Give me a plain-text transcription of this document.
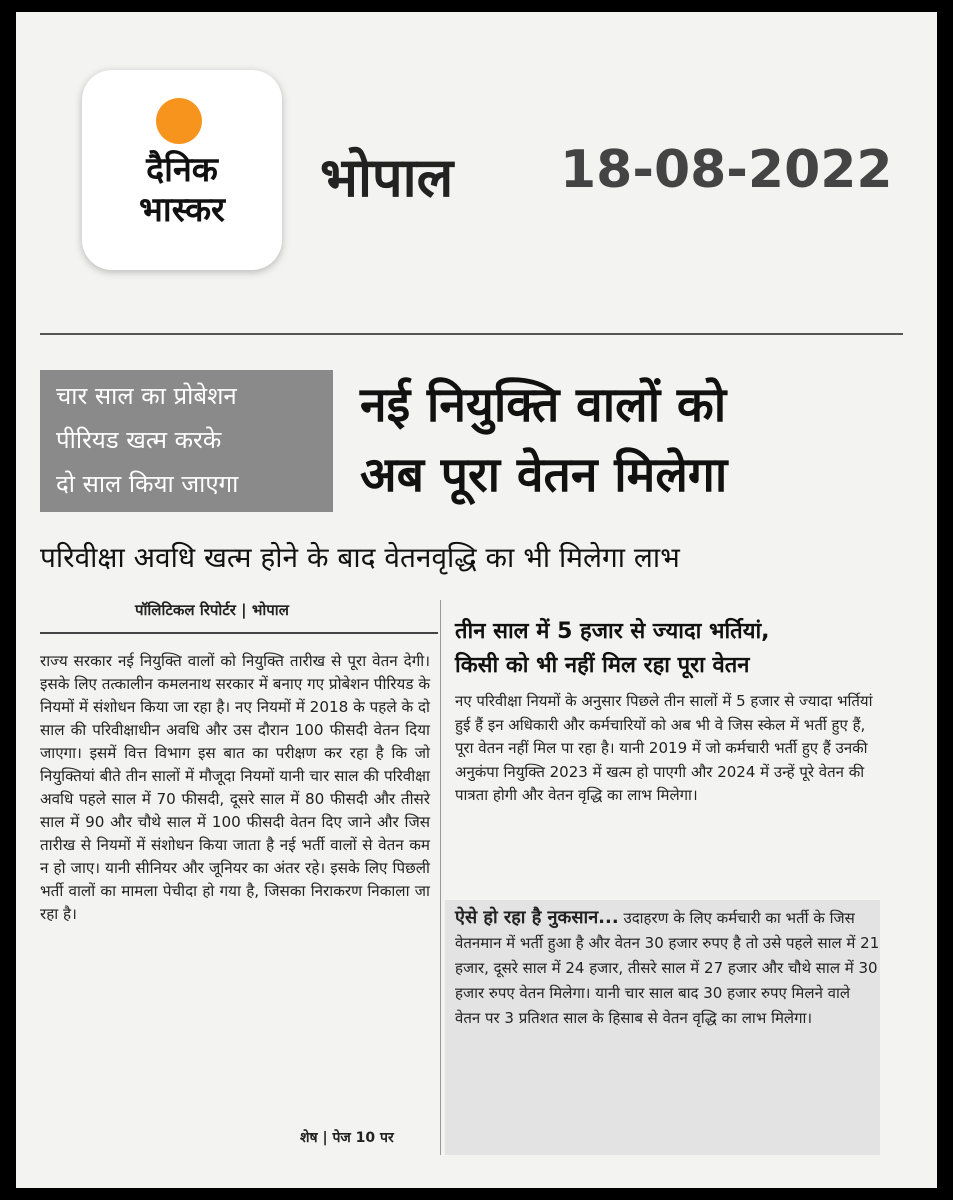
दैनिक
भास्कर
भोपाल 18-08-2022
चार साल का प्रोबेशन
पीरियड खत्म करके
दो साल किया जाएगा
नई नियुक्ति वालों को
अब पूरा वेतन मिलेगा
परिवीक्षा अवधि खत्म होने के बाद वेतनवृद्धि का भी मिलेगा लाभ
पॉलिटिकल रिपोर्टर | भोपाल
राज्य सरकार नई नियुक्ति वालों को नियुक्ति तारीख से पूरा वेतन देगी। इसके लिए तत्कालीन कमलनाथ सरकार में बनाए गए प्रोबेशन पीरियड के नियमों में संशोधन किया जा रहा है। नए नियमों में 2018 के पहले के दो साल की परिवीक्षाधीन अवधि और उस दौरान 100 फीसदी वेतन दिया जाएगा। इसमें वित्त विभाग इस बात का परीक्षण कर रहा है कि जो नियुक्तियां बीते तीन सालों में मौजूदा नियमों यानी चार साल की परिवीक्षा अवधि पहले साल में 70 फीसदी, दूसरे साल में 80 फीसदी और तीसरे साल में 90 और चौथे साल में 100 फीसदी वेतन दिए जाने और जिस तारीख से नियमों में संशोधन किया जाता है नई भर्ती वालों से वेतन कम न हो जाए। यानी सीनियर और जूनियर का अंतर रहे। इसके लिए पिछली भर्ती वालों का मामला पेचीदा हो गया है, जिसका निराकरण निकाला जा रहा है।
शेष | पेज 10 पर
तीन साल में 5 हजार से ज्यादा भर्तियां,
किसी को भी नहीं मिल रहा पूरा वेतन
नए परिवीक्षा नियमों के अनुसार पिछले तीन सालों में 5 हजार से ज्यादा भर्तियां हुई हैं इन अधिकारी और कर्मचारियों को अब भी वे जिस स्केल में भर्ती हुए हैं, पूरा वेतन नहीं मिल पा रहा है। यानी 2019 में जो कर्मचारी भर्ती हुए हैं उनकी अनुकंपा नियुक्ति 2023 में खत्म हो पाएगी और 2024 में उन्हें पूरे वेतन की पात्रता होगी और वेतन वृद्धि का लाभ मिलेगा।
ऐसे हो रहा है नुकसान... उदाहरण के लिए कर्मचारी का भर्ती के जिस वेतनमान में भर्ती हुआ है और वेतन 30 हजार रुपए है तो उसे पहले साल में 21 हजार, दूसरे साल में 24 हजार, तीसरे साल में 27 हजार और चौथे साल में 30 हजार रुपए वेतन मिलेगा। यानी चार साल बाद 30 हजार रुपए मिलने वाले वेतन पर 3 प्रतिशत साल के हिसाब से वेतन वृद्धि का लाभ मिलेगा।
